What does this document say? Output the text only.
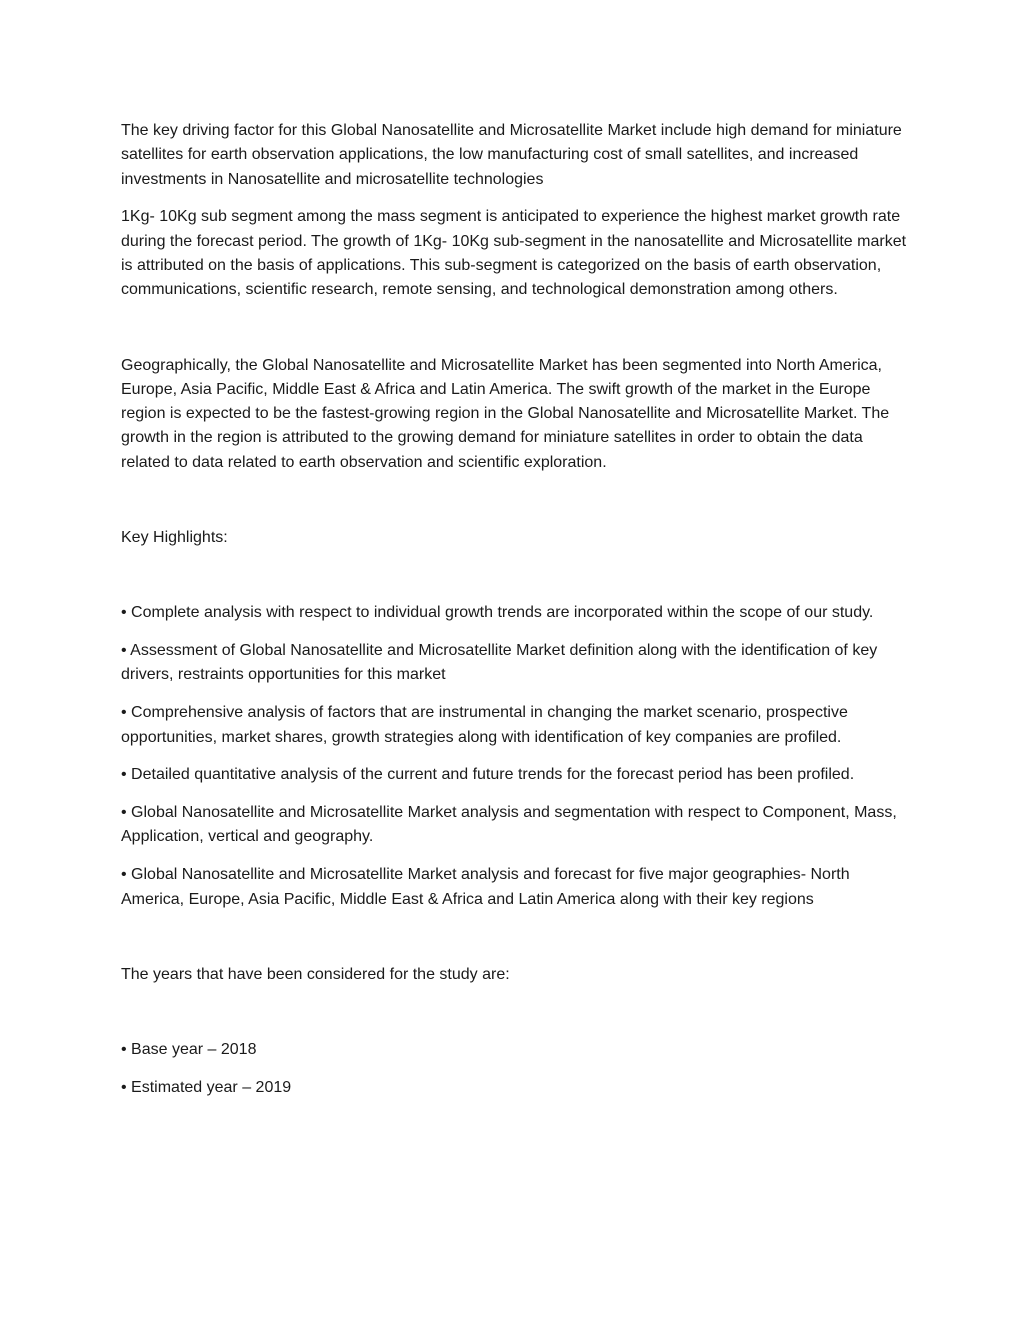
The key driving factor for this Global Nanosatellite and Microsatellite Market include high demand for miniature satellites for earth observation applications, the low manufacturing cost of small satellites, and increased investments in Nanosatellite and microsatellite technologies

1Kg- 10Kg sub segment among the mass segment is anticipated to experience the highest market growth rate during the forecast period. The growth of 1Kg- 10Kg sub-segment in the nanosatellite and Microsatellite market is attributed on the basis of applications. This sub-segment is categorized on the basis of earth observation, communications, scientific research, remote sensing, and technological demonstration among others.

Geographically, the Global Nanosatellite and Microsatellite Market has been segmented into North America, Europe, Asia Pacific, Middle East & Africa and Latin America. The swift growth of the market in the Europe region is expected to be the fastest-growing region in the Global Nanosatellite and Microsatellite Market. The growth in the region is attributed to the growing demand for miniature satellites in order to obtain the data related to data related to earth observation and scientific exploration.

Key Highlights:

• Complete analysis with respect to individual growth trends are incorporated within the scope of our study.

• Assessment of Global Nanosatellite and Microsatellite Market definition along with the identification of key drivers, restraints opportunities for this market

• Comprehensive analysis of factors that are instrumental in changing the market scenario, prospective opportunities, market shares, growth strategies along with identification of key companies are profiled.

• Detailed quantitative analysis of the current and future trends for the forecast period has been profiled.

• Global Nanosatellite and Microsatellite Market analysis and segmentation with respect to Component, Mass, Application, vertical and geography.

• Global Nanosatellite and Microsatellite Market analysis and forecast for five major geographies- North America, Europe, Asia Pacific, Middle East & Africa and Latin America along with their key regions

The years that have been considered for the study are:

• Base year – 2018

• Estimated year – 2019
